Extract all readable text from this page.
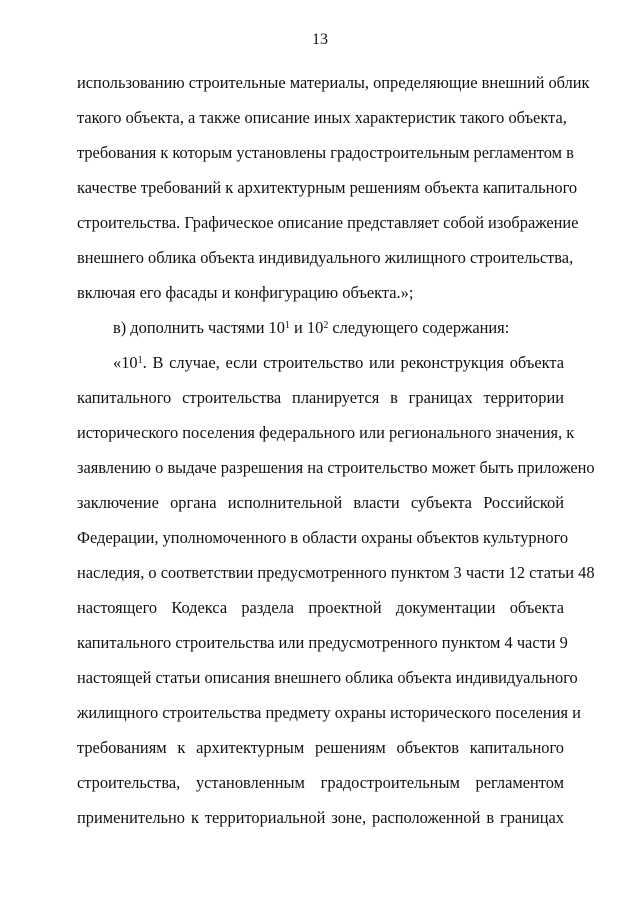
13
использованию строительные материалы, определяющие внешний облик
такого объекта, а также описание иных характеристик такого объекта,
требования к которым установлены градостроительным регламентом в
качестве требований к архитектурным решениям объекта капитального
строительства. Графическое описание представляет собой изображение
внешнего облика объекта индивидуального жилищного строительства,
включая его фасады и конфигурацию объекта.»;
в) дополнить частями $10^1$ и $10^2$ следующего содержания:
«$10^1$. В случае, если строительство или реконструкция объекта
капитального строительства планируется в границах территории
исторического поселения федерального или регионального значения, к
заявлению о выдаче разрешения на строительство может быть приложено
заключение органа исполнительной власти субъекта Российской
Федерации, уполномоченного в области охраны объектов культурного
наследия, о соответствии предусмотренного пунктом 3 части 12 статьи 48
настоящего Кодекса раздела проектной документации объекта
капитального строительства или предусмотренного пунктом 4 части 9
настоящей статьи описания внешнего облика объекта индивидуального
жилищного строительства предмету охраны исторического поселения и
требованиям к архитектурным решениям объектов капитального
строительства, установленным градостроительным регламентом
применительно к территориальной зоне, расположенной в границах
